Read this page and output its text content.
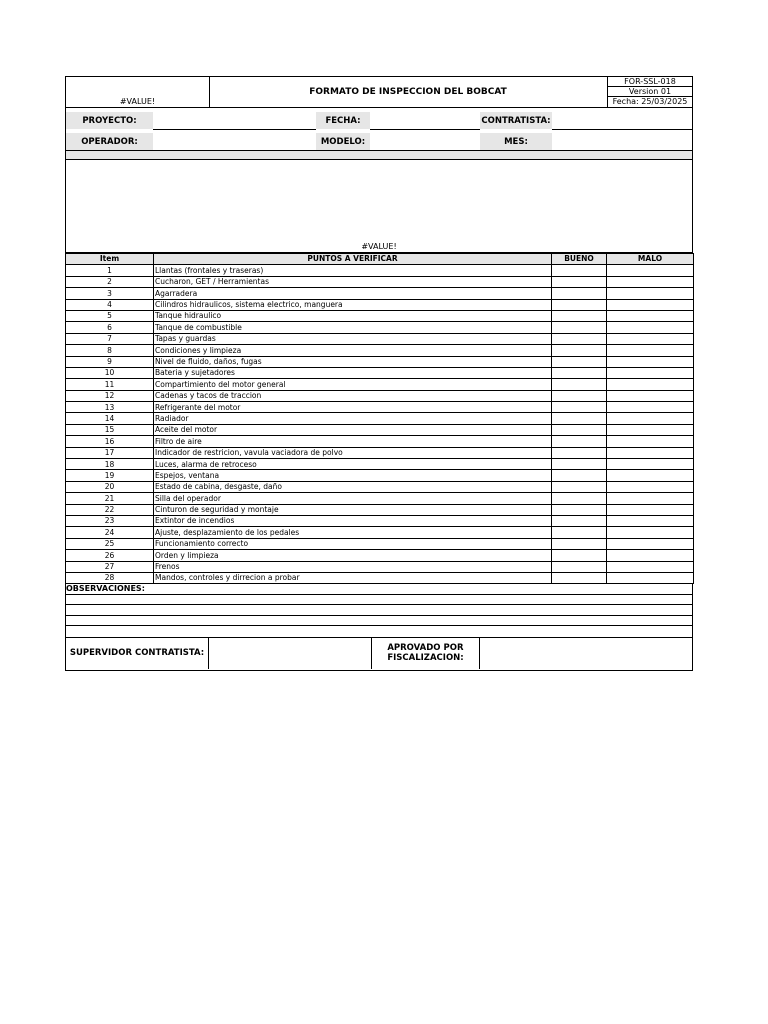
#VALUE!
FORMATO DE INSPECCION DEL BOBCAT
FOR-SSL-018
Version 01
Fecha: 25/03/2025
PROYECTO:	FECHA:	CONTRATISTA:
OPERADOR:	MODELO:	MES:
#VALUE!
Item	PUNTOS A VERIFICAR	BUENO	MALO
1	Llantas (frontales y traseras)		
2	Cucharon, GET / Herramientas		
3	Agarradera		
4	Cilindros hidraulicos, sistema electrico, manguera		
5	Tanque hidraulico		
6	Tanque de combustible		
7	Tapas y guardas		
8	Condiciones y limpieza		
9	Nivel de fluido, daños, fugas		
10	Bateria y sujetadores		
11	Compartimiento del motor general		
12	Cadenas y tacos de traccion		
13	Refrigerante del motor		
14	Radiador		
15	Aceite del motor		
16	Filtro de aire		
17	Indicador de restricion, vavula vaciadora de polvo		
18	Luces, alarma de retroceso		
19	Espejos, ventana		
20	Estado de cabina, desgaste, daño		
21	Silla del operador		
22	Cinturon de seguridad y montaje		
23	Extintor de incendios		
24	Ajuste, desplazamiento de los pedales		
25	Funcionamiento correcto		
26	Orden y limpieza		
27	Frenos		
28	Mandos, controles y dirrecion a probar		
OBSERVACIONES:
SUPERVIDOR CONTRATISTA:	APROVADO POR
FISCALIZACION:
